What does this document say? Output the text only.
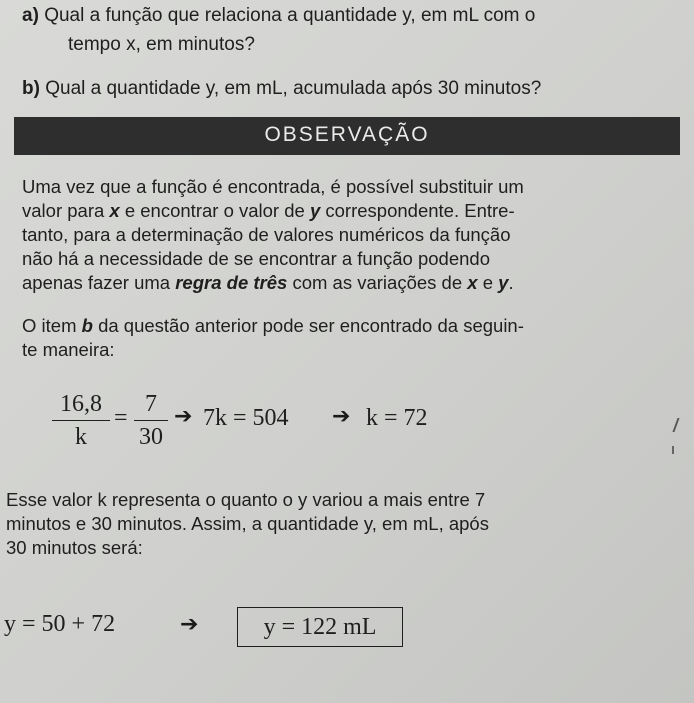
a) Qual a função que relaciona a quantidade y, em mL com o
tempo x, em minutos?
b) Qual a quantidade y, em mL, acumulada após 30 minutos?
OBSERVAÇÃO
Uma vez que a função é encontrada, é possível substituir um
valor para x e encontrar o valor de y correspondente. Entre-
tanto, para a determinação de valores numéricos da função
não há a necessidade de se encontrar a função podendo
apenas fazer uma regra de três com as variações de x e y.
O item b da questão anterior pode ser encontrado da seguin-
te maneira:
16,8
k
=
7
30
➔ 7k = 504 ➔ k = 72
Esse valor k representa o quanto o y variou a mais entre 7
minutos e 30 minutos. Assim, a quantidade y, em mL, após
30 minutos será:
y = 50 + 72	➔	y = 122 mL
